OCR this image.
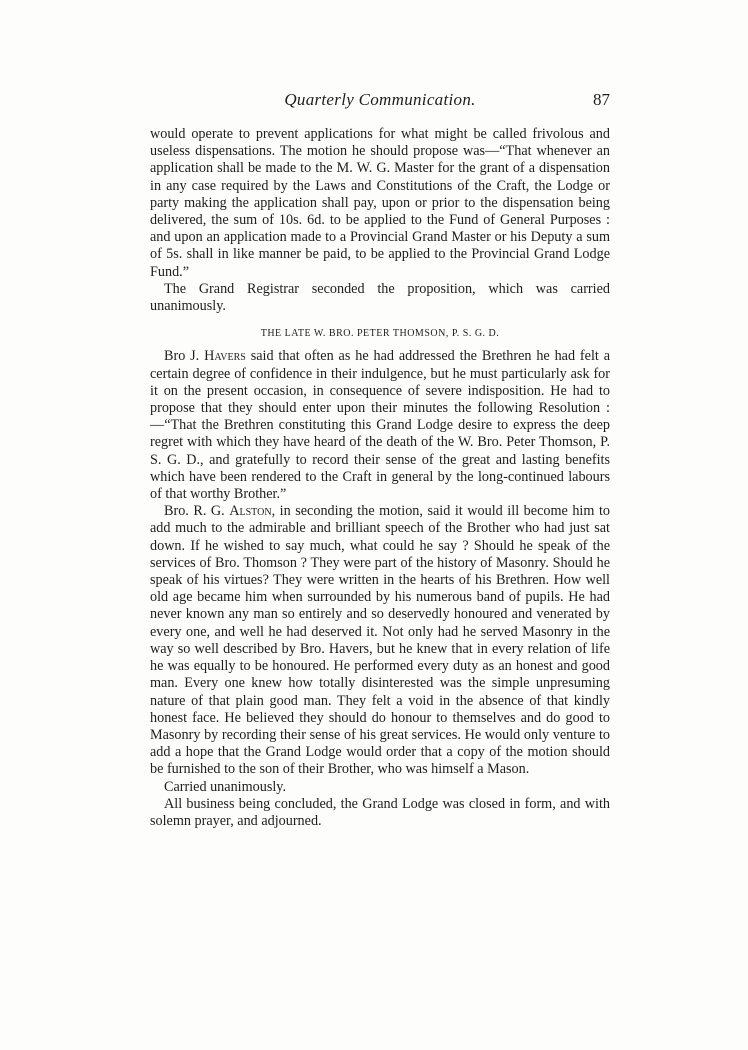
Quarterly Communication.	87

would operate to prevent applications for what might be called frivolous and useless dispensations. The motion he should propose was—“That whenever an application shall be made to the M. W. G. Master for the grant of a dispensation in any case required by the Laws and Constitutions of the Craft, the Lodge or party making the application shall pay, upon or prior to the dispensation being delivered, the sum of 10s. 6d. to be applied to the Fund of General Purposes : and upon an application made to a Provincial Grand Master or his Deputy a sum of 5s. shall in like manner be paid, to be applied to the Provincial Grand Lodge Fund.”

The Grand Registrar seconded the proposition, which was carried unanimously.

THE LATE W. BRO. PETER THOMSON, P. S. G. D.

Bro J. Havers said that often as he had addressed the Brethren he had felt a certain degree of confidence in their indulgence, but he must particularly ask for it on the present occasion, in consequence of severe indisposition. He had to propose that they should enter upon their minutes the following Resolution :—“That the Brethren constituting this Grand Lodge desire to express the deep regret with which they have heard of the death of the W. Bro. Peter Thomson, P. S. G. D., and gratefully to record their sense of the great and lasting benefits which have been rendered to the Craft in general by the long-continued labours of that worthy Brother.”

Bro. R. G. Alston, in seconding the motion, said it would ill become him to add much to the admirable and brilliant speech of the Brother who had just sat down. If he wished to say much, what could he say ? Should he speak of the services of Bro. Thomson ? They were part of the history of Masonry. Should he speak of his virtues? They were written in the hearts of his Brethren. How well old age became him when surrounded by his numerous band of pupils. He had never known any man so entirely and so deservedly honoured and venerated by every one, and well he had deserved it. Not only had he served Masonry in the way so well described by Bro. Havers, but he knew that in every relation of life he was equally to be honoured. He performed every duty as an honest and good man. Every one knew how totally disinterested was the simple unpresuming nature of that plain good man. They felt a void in the absence of that kindly honest face. He believed they should do honour to themselves and do good to Masonry by recording their sense of his great services. He would only venture to add a hope that the Grand Lodge would order that a copy of the motion should be furnished to the son of their Brother, who was himself a Mason.

Carried unanimously.

All business being concluded, the Grand Lodge was closed in form, and with solemn prayer, and adjourned.
